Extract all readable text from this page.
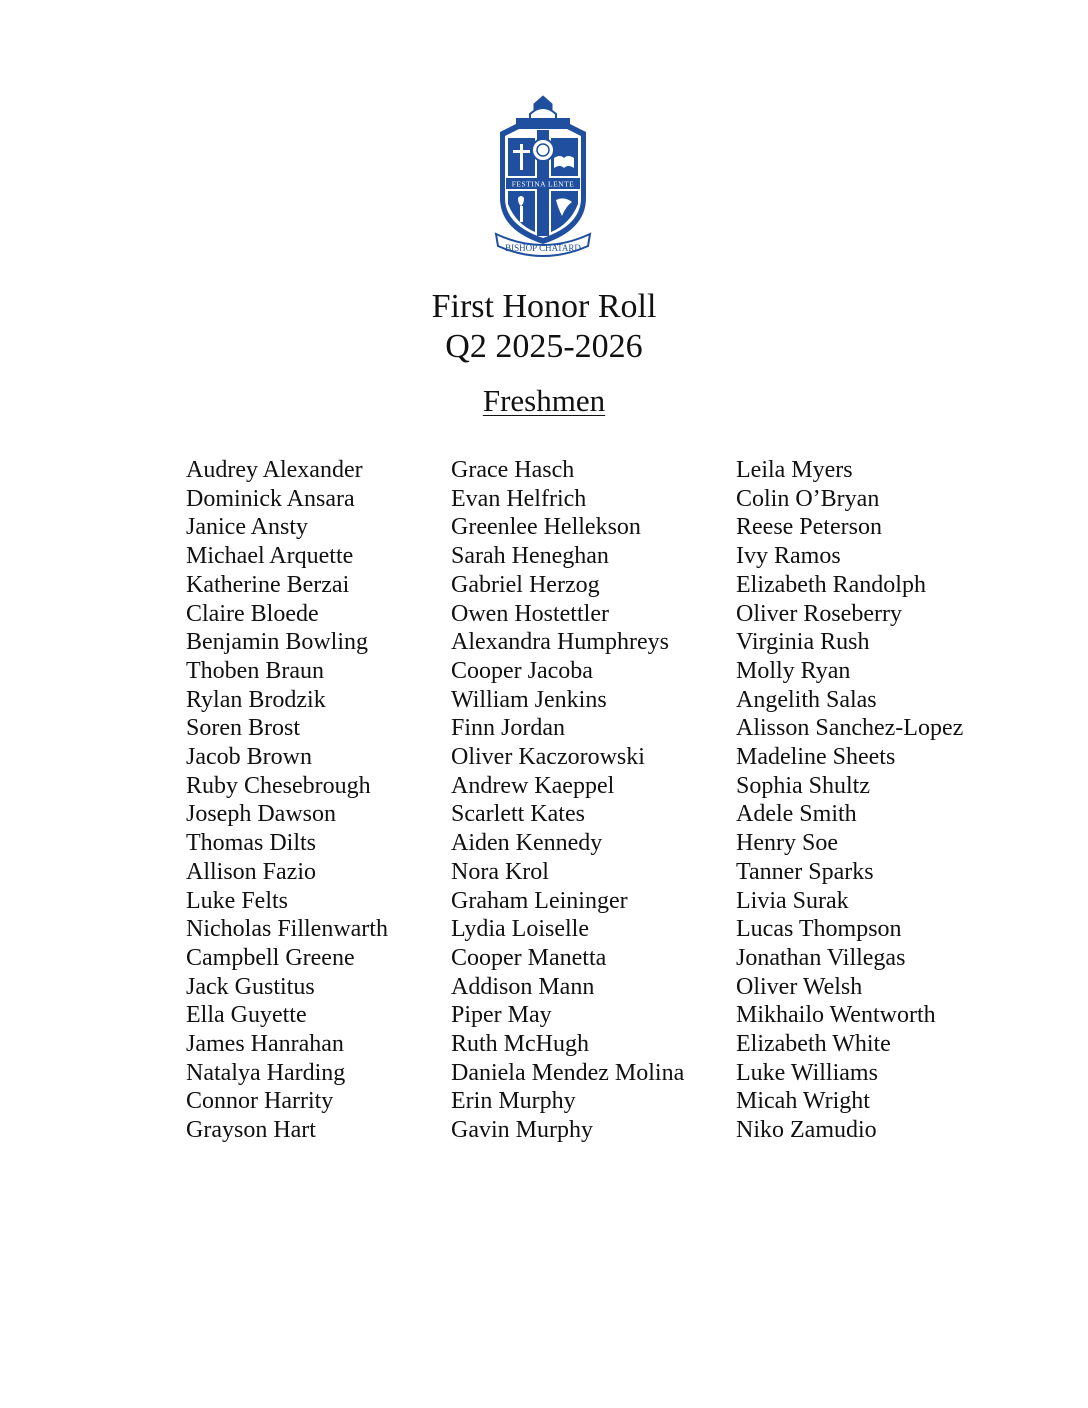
FESTINA LENTE
BISHOP CHATARD
First Honor Roll
Q2 2025-2026
Freshmen
Audrey Alexander
Dominick Ansara
Janice Ansty
Michael Arquette
Katherine Berzai
Claire Bloede
Benjamin Bowling
Thoben Braun
Rylan Brodzik
Soren Brost
Jacob Brown
Ruby Chesebrough
Joseph Dawson
Thomas Dilts
Allison Fazio
Luke Felts
Nicholas Fillenwarth
Campbell Greene
Jack Gustitus
Ella Guyette
James Hanrahan
Natalya Harding
Connor Harrity
Grayson Hart
Grace Hasch
Evan Helfrich
Greenlee Hellekson
Sarah Heneghan
Gabriel Herzog
Owen Hostettler
Alexandra Humphreys
Cooper Jacoba
William Jenkins
Finn Jordan
Oliver Kaczorowski
Andrew Kaeppel
Scarlett Kates
Aiden Kennedy
Nora Krol
Graham Leininger
Lydia Loiselle
Cooper Manetta
Addison Mann
Piper May
Ruth McHugh
Daniela Mendez Molina
Erin Murphy
Gavin Murphy
Leila Myers
Colin O’Bryan
Reese Peterson
Ivy Ramos
Elizabeth Randolph
Oliver Roseberry
Virginia Rush
Molly Ryan
Angelith Salas
Alisson Sanchez-Lopez
Madeline Sheets
Sophia Shultz
Adele Smith
Henry Soe
Tanner Sparks
Livia Surak
Lucas Thompson
Jonathan Villegas
Oliver Welsh
Mikhailo Wentworth
Elizabeth White
Luke Williams
Micah Wright
Niko Zamudio
